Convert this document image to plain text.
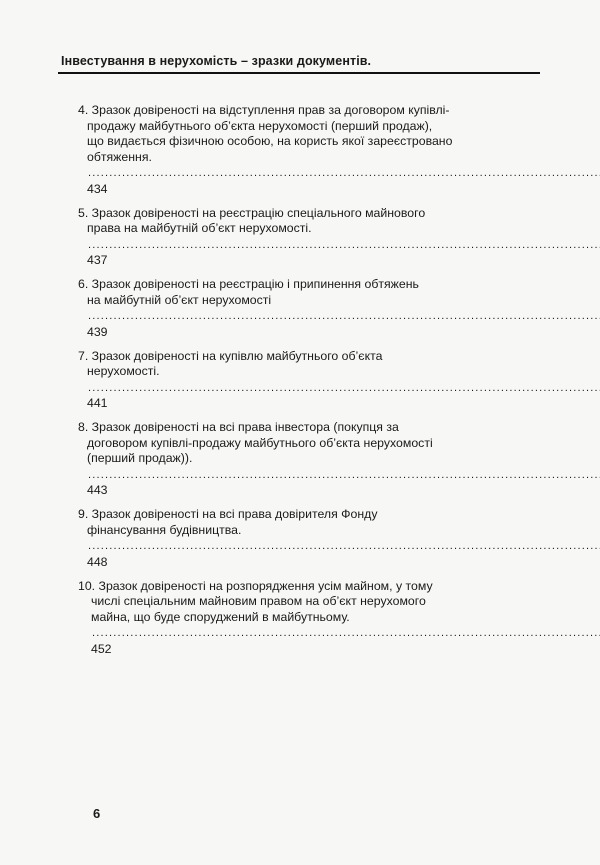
Інвестування в нерухомість – зразки документів.
4. Зразок довіреності на відступлення прав за договором купівлі-
продажу майбутнього об’єкта нерухомості (перший продаж),
що видається фізичною особою, на користь якої зареєстровано
обтяження. ..... 434
5. Зразок довіреності на реєстрацію спеціального майнового
права на майбутній об’єкт нерухомості. ..... 437
6. Зразок довіреності на реєстрацію і припинення обтяжень
на майбутній об’єкт нерухомості ..... 439
7. Зразок довіреності на купівлю майбутнього об’єкта
нерухомості. ..... 441
8. Зразок довіреності на всі права інвестора (покупця за
договором купівлі-продажу майбутнього об’єкта нерухомості
(перший продаж)). ..... 443
9. Зразок довіреності на всі права довірителя Фонду
фінансування будівництва. ..... 448
10. Зразок довіреності на розпорядження усім майном, у тому
числі спеціальним майновим правом на об’єкт нерухомого
майна, що буде споруджений в майбутньому. ..... 452
6
